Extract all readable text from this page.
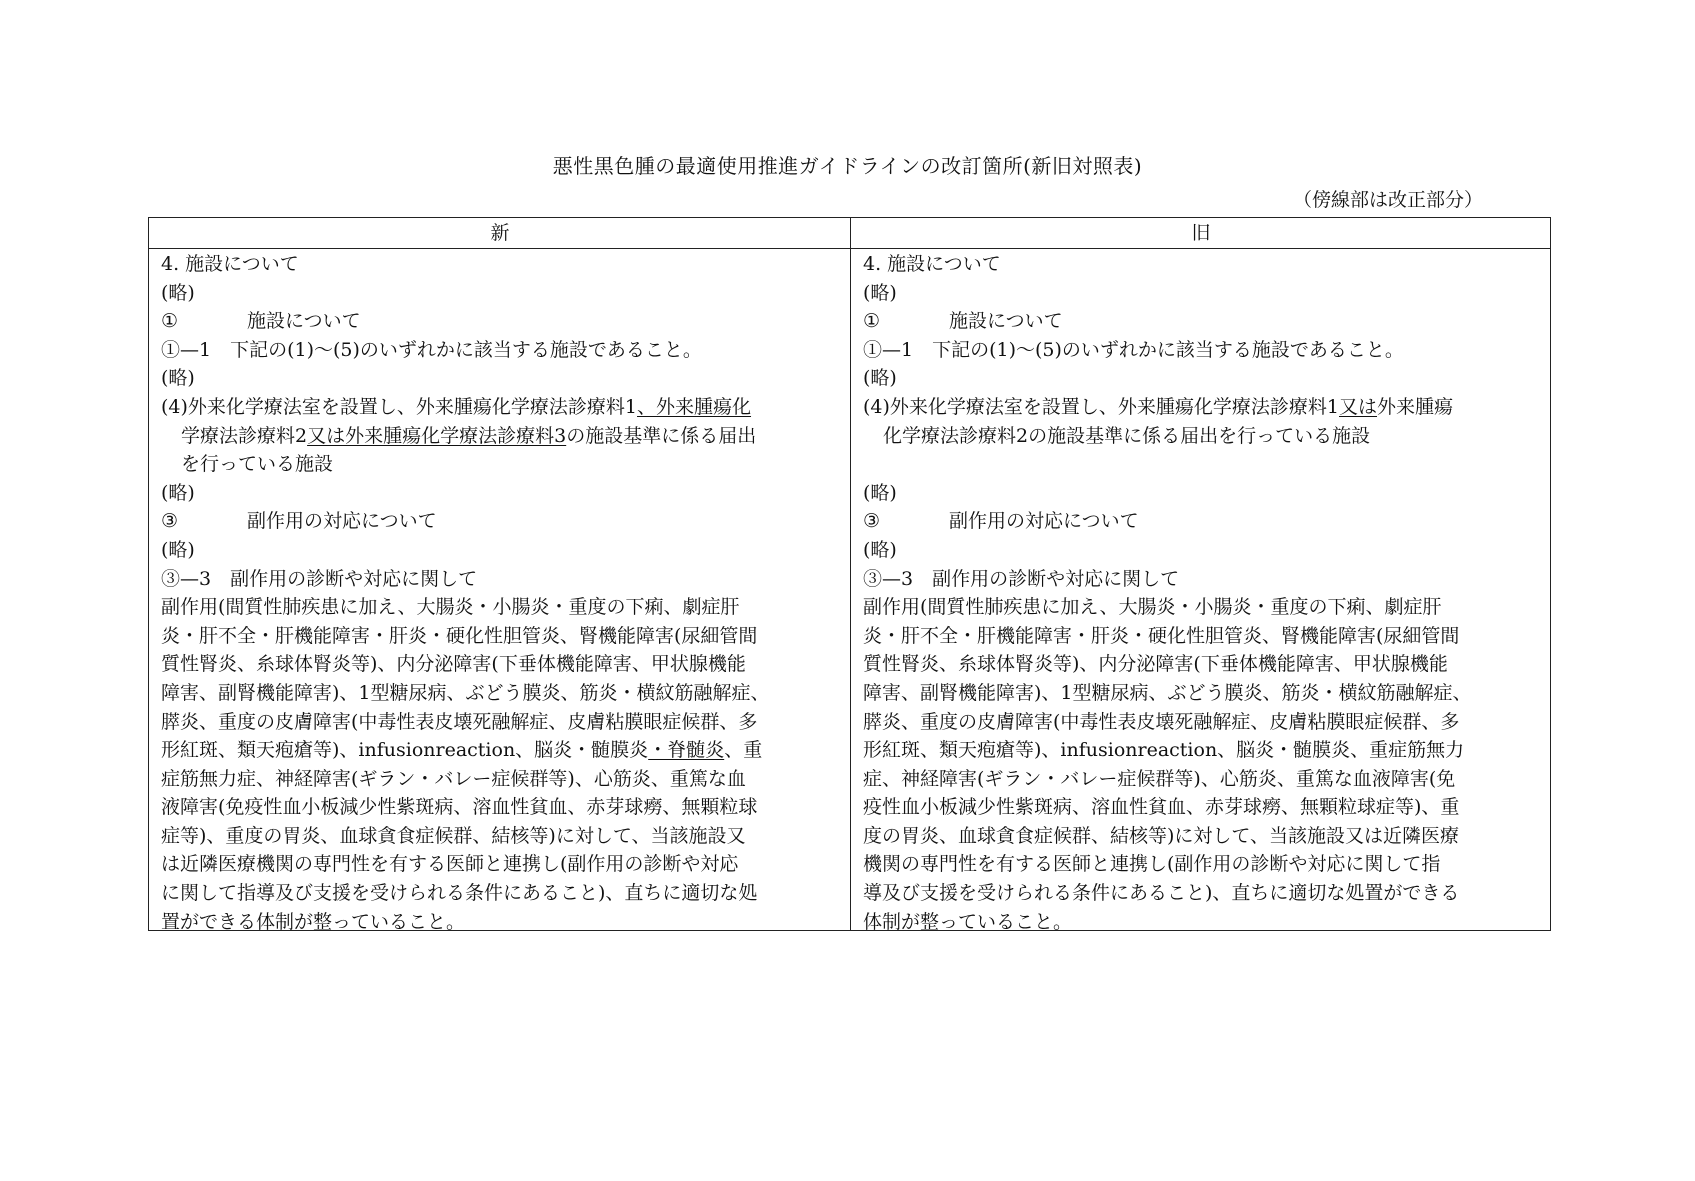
悪性黒色腫の最適使用推進ガイドラインの改訂箇所(新旧対照表)
（傍線部は改正部分）
新	旧
4. 施設について
(略)
①	施設について
①—1　下記の(1)～(5)のいずれかに該当する施設であること。
(略)
(4)外来化学療法室を設置し、外来腫瘍化学療法診療料1、外来腫瘍化
学療法診療料2又は外来腫瘍化学療法診療料3の施設基準に係る届出
を行っている施設
(略)
③	副作用の対応について
(略)
③—3　副作用の診断や対応に関して
副作用(間質性肺疾患に加え、大腸炎・小腸炎・重度の下痢、劇症肝
炎・肝不全・肝機能障害・肝炎・硬化性胆管炎、腎機能障害(尿細管間
質性腎炎、糸球体腎炎等)、内分泌障害(下垂体機能障害、甲状腺機能
障害、副腎機能障害)、1型糖尿病、ぶどう膜炎、筋炎・横紋筋融解症、
膵炎、重度の皮膚障害(中毒性表皮壊死融解症、皮膚粘膜眼症候群、多
形紅斑、類天疱瘡等)、infusionreaction、脳炎・髄膜炎・脊髄炎、重
症筋無力症、神経障害(ギラン・バレー症候群等)、心筋炎、重篤な血
液障害(免疫性血小板減少性紫斑病、溶血性貧血、赤芽球癆、無顆粒球
症等)、重度の胃炎、血球貪食症候群、結核等)に対して、当該施設又
は近隣医療機関の専門性を有する医師と連携し(副作用の診断や対応
に関して指導及び支援を受けられる条件にあること)、直ちに適切な処
置ができる体制が整っていること。
4. 施設について
(略)
①	施設について
①—1　下記の(1)～(5)のいずれかに該当する施設であること。
(略)
(4)外来化学療法室を設置し、外来腫瘍化学療法診療料1又は外来腫瘍
化学療法診療料2の施設基準に係る届出を行っている施設
(略)
③	副作用の対応について
(略)
③—3　副作用の診断や対応に関して
副作用(間質性肺疾患に加え、大腸炎・小腸炎・重度の下痢、劇症肝
炎・肝不全・肝機能障害・肝炎・硬化性胆管炎、腎機能障害(尿細管間
質性腎炎、糸球体腎炎等)、内分泌障害(下垂体機能障害、甲状腺機能
障害、副腎機能障害)、1型糖尿病、ぶどう膜炎、筋炎・横紋筋融解症、
膵炎、重度の皮膚障害(中毒性表皮壊死融解症、皮膚粘膜眼症候群、多
形紅斑、類天疱瘡等)、infusionreaction、脳炎・髄膜炎、重症筋無力
症、神経障害(ギラン・バレー症候群等)、心筋炎、重篤な血液障害(免
疫性血小板減少性紫斑病、溶血性貧血、赤芽球癆、無顆粒球症等)、重
度の胃炎、血球貪食症候群、結核等)に対して、当該施設又は近隣医療
機関の専門性を有する医師と連携し(副作用の診断や対応に関して指
導及び支援を受けられる条件にあること)、直ちに適切な処置ができる
体制が整っていること。
